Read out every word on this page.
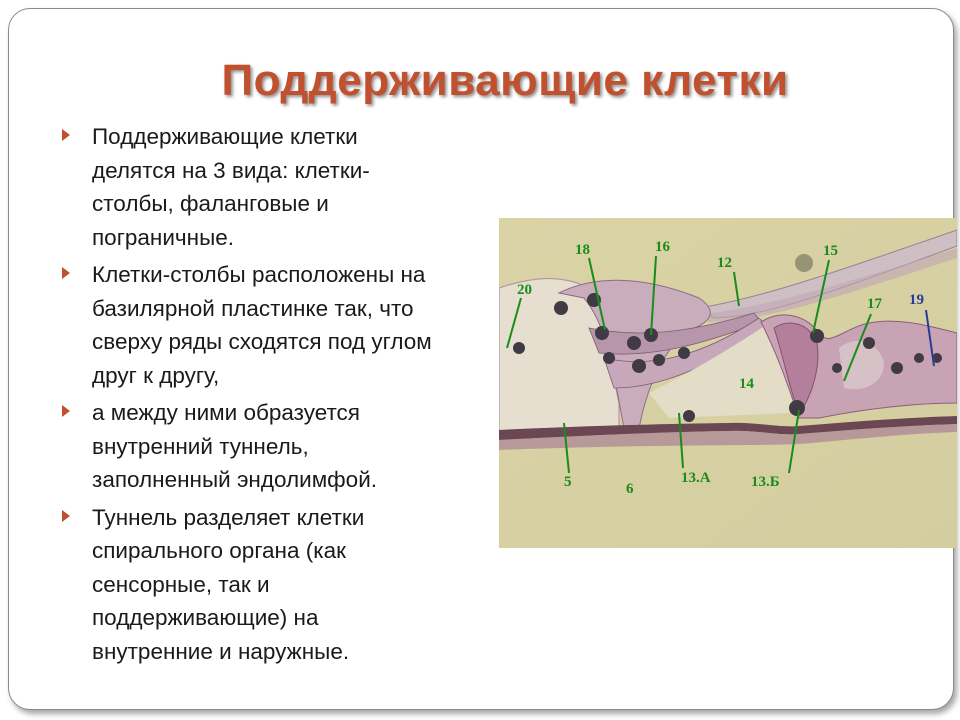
Поддерживающие клетки
Поддерживающие клетки делятся на 3 вида: клетки-столбы, фаланговые и пограничные.
Клетки-столбы расположены на базилярной пластинке так, что сверху ряды сходятся под углом друг к другу,
а между ними образуется внутренний туннель, заполненный эндолимфой.
Туннель разделяет клетки спирального органа (как сенсорные, так и поддерживающие) на внутренние и наружные.
20
18	16
12
15
17
14
5	6
13.А	13.Б
19
